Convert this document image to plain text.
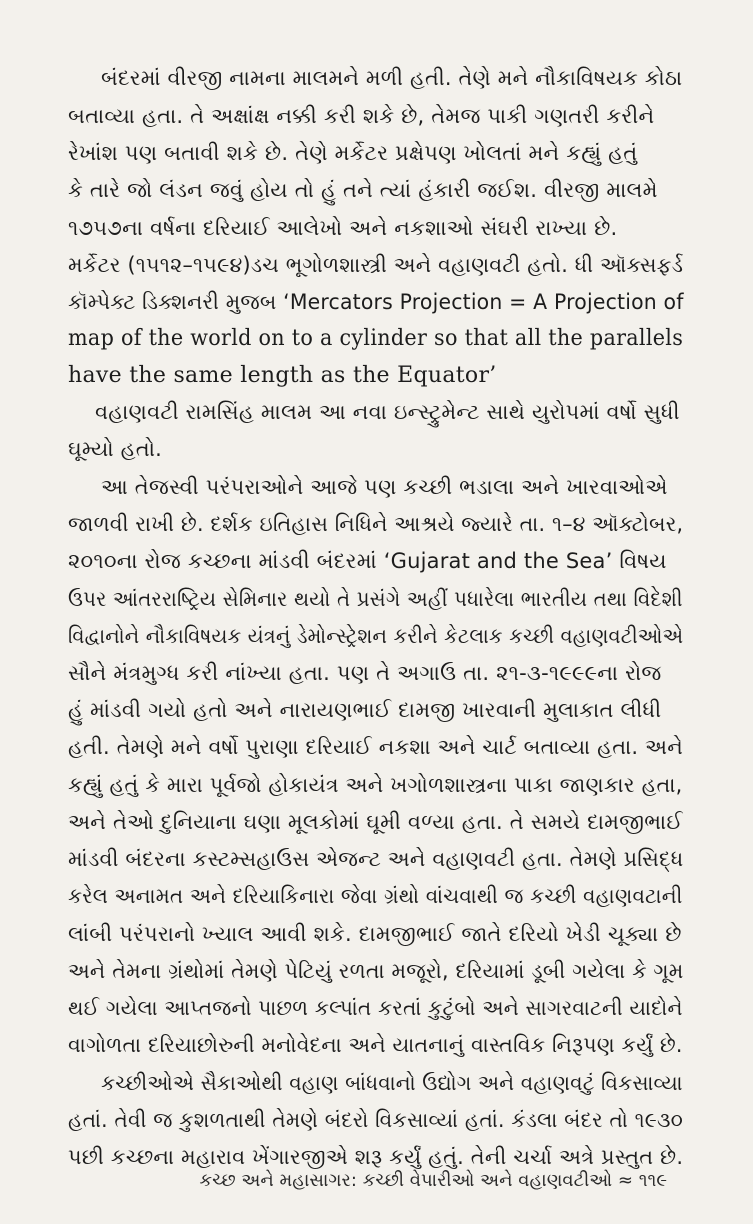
બંદરમાં વીરજી નામના માલમને મળી હતી. તેણે મને નૌકાવિષયક કોઠા
બતાવ્યા હતા. તે અક્ષાંક્ષ નક્કી કરી શકે છે, તેમજ પાકી ગણતરી કરીને
રેખાંશ પણ બતાવી શકે છે. તેણે મર્કેટર પ્રક્ષેપણ ખોલતાં મને કહ્યું હતું
કે તારે જો લંડન જવું હોય તો હું તને ત્યાં હંકારી જઈશ. વીરજી માલમે
૧૭૫૭ના વર્ષના દરિયાઈ આલેખો અને નકશાઓ સંઘરી રાખ્યા છે.
મર્કેટર (૧૫૧૨–૧૫૯૪)ડચ ભૂગોળશાસ્ત્રી અને વહાણવટી હતો. ધી ઑક્સફર્ડ
કૉમ્પેક્ટ ડિક્શનરી મુજબ ‘Mercators Projection = A Projection of
map of the world on to a cylinder so that all the parallels
have the same length as the Equator’
વહાણવટી રામસિંહ માલમ આ નવા ઇન્સ્ટ્રુમેન્ટ સાથે યુરોપમાં વર્ષો સુધી
ઘૂમ્યો હતો.
આ તેજસ્વી પરંપરાઓને આજે પણ કચ્છી ભડાલા અને ખારવાઓએ
જાળવી રાખી છે. દર્શક ઇતિહાસ નિધિને આશ્રયે જ્યારે તા. ૧–૪ ઑક્ટોબર,
૨૦૧૦ના રોજ કચ્છના માંડવી બંદરમાં ‘Gujarat and the Sea’ વિષય
ઉપર આંતરરાષ્ટ્રિય સેમિનાર થયો તે પ્રસંગે અહીં પધારેલા ભારતીય તથા વિદેશી
વિદ્વાનોને નૌકાવિષયક યંત્રનું ડેમોન્સ્ટ્રેશન કરીને કેટલાક કચ્છી વહાણવટીઓએ
સૌને મંત્રમુગ્ધ કરી નાંખ્યા હતા. પણ તે અગાઉ તા. ૨૧-૩-૧૯૯૯ના રોજ
હું માંડવી ગયો હતો અને નારાયણભાઈ દામજી ખારવાની મુલાકાત લીધી
હતી. તેમણે મને વર્ષો પુરાણા દરિયાઈ નકશા અને ચાર્ટ બતાવ્યા હતા. અને
કહ્યું હતું કે મારા પૂર્વજો હોકાયંત્ર અને ખગોળશાસ્ત્રના પાકા જાણકાર હતા,
અને તેઓ દુનિયાના ઘણા મૂલકોમાં ઘૂમી વળ્યા હતા. તે સમયે દામજીભાઈ
માંડવી બંદરના કસ્ટમ્સહાઉસ એજન્ટ અને વહાણવટી હતા. તેમણે પ્રસિદ્ધ
કરેલ અનામત અને દરિયાકિનારા જેવા ગ્રંથો વાંચવાથી જ કચ્છી વહાણવટાની
લાંબી પરંપરાનો ખ્યાલ આવી શકે. દામજીભાઈ જાતે દરિયો ખેડી ચૂક્યા છે
અને તેમના ગ્રંથોમાં તેમણે પેટિયું રળતા મજૂરો, દરિયામાં ડૂબી ગયેલા કે ગૂમ
થઈ ગયેલા આપ્તજનો પાછળ કલ્પાંત કરતાં કુટુંબો અને સાગરવાટની યાદોને
વાગોળતા દરિયાછોરુની મનોવેદના અને યાતનાનું વાસ્તવિક નિરૂપણ કર્યું છે.
કચ્છીઓએ સૈકાઓથી વહાણ બાંધવાનો ઉદ્યોગ અને વહાણવટું વિકસાવ્યા
હતાં. તેવી જ કુશળતાથી તેમણે બંદરો વિકસાવ્યાં હતાં. કંડલા બંદર તો ૧૯૩૦
પછી કચ્છના મહારાવ ખેંગારજીએ શરૂ કર્યું હતું. તેની ચર્ચા અત્રે પ્રસ્તુત છે.
કચ્છ અને મહાસાગર: કચ્છી વેપારીઓ અને વહાણવટીઓ ≈ ૧૧૯
